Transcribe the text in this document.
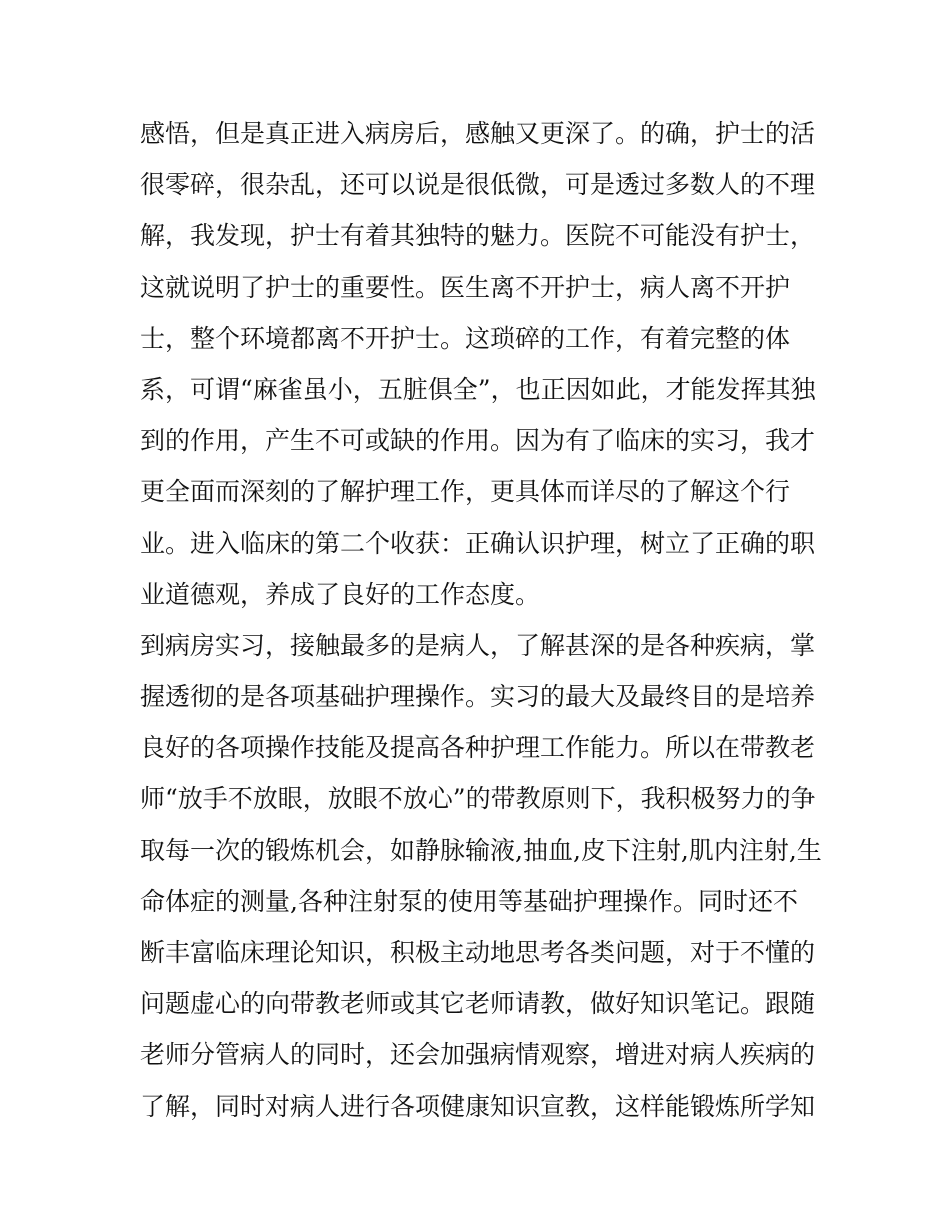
感悟，但是真正进入病房后，感触又更深了。的确，护士的活
很零碎，很杂乱，还可以说是很低微，可是透过多数人的不理
解，我发现，护士有着其独特的魅力。医院不可能没有护士，
这就说明了护士的重要性。医生离不开护士，病人离不开护
士，整个环境都离不开护士。这琐碎的工作，有着完整的体
系，可谓“麻雀虽小，五脏俱全”，也正因如此，才能发挥其独
到的作用，产生不可或缺的作用。因为有了临床的实习，我才
更全面而深刻的了解护理工作，更具体而详尽的了解这个行
业。进入临床的第二个收获：正确认识护理，树立了正确的职
业道德观，养成了良好的工作态度。
到病房实习，接触最多的是病人，了解甚深的是各种疾病，掌
握透彻的是各项基础护理操作。实习的最大及最终目的是培养
良好的各项操作技能及提高各种护理工作能力。所以在带教老
师“放手不放眼，放眼不放心”的带教原则下，我积极努力的争
取每一次的锻炼机会，如静脉输液,抽血,皮下注射,肌内注射,生
命体症的测量,各种注射泵的使用等基础护理操作。同时还不
断丰富临床理论知识，积极主动地思考各类问题，对于不懂的
问题虚心的向带教老师或其它老师请教，做好知识笔记。跟随
老师分管病人的同时，还会加强病情观察，增进对病人疾病的
了解，同时对病人进行各项健康知识宣教，这样能锻炼所学知
